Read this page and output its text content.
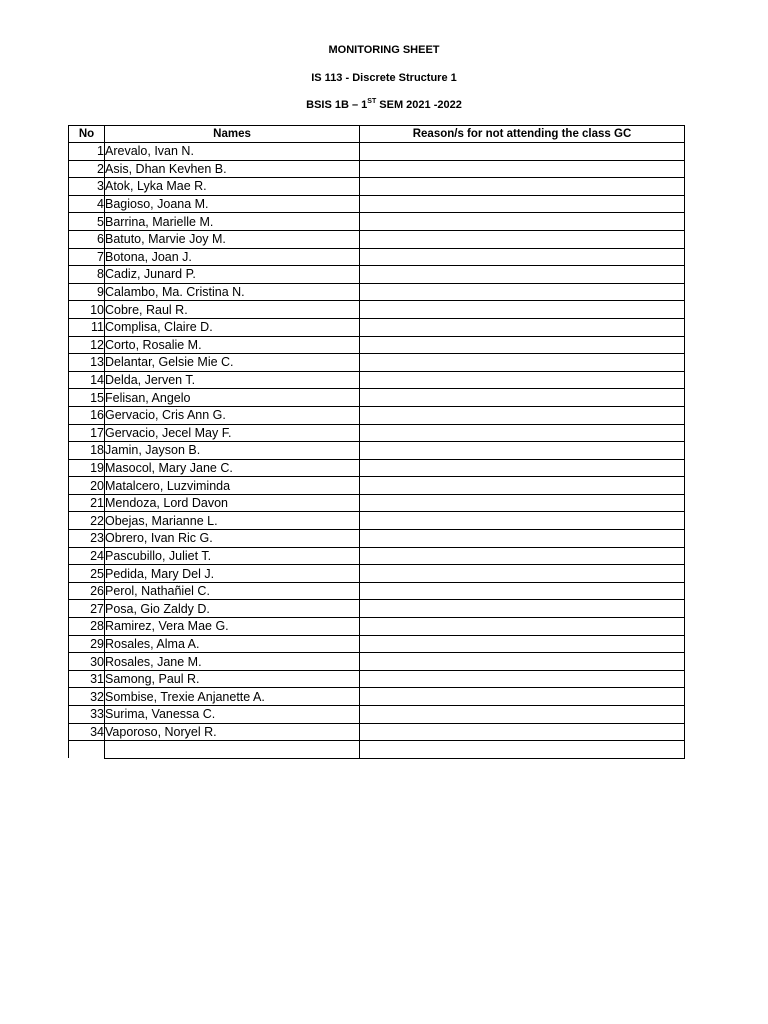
MONITORING SHEET
IS 113 - Discrete Structure 1
BSIS 1B – 1ST SEM 2021 -2022
No	Names	Reason/s for not attending the class GC
1	Arevalo, Ivan N.	
2	Asis, Dhan Kevhen B.	
3	Atok, Lyka Mae R.	
4	Bagioso, Joana M.	
5	Barrina, Marielle M.	
6	Batuto, Marvie Joy M.	
7	Botona, Joan J.	
8	Cadiz, Junard P.	
9	Calambo, Ma. Cristina N.	
10	Cobre, Raul R.	
11	Complisa, Claire D.	
12	Corto, Rosalie M.	
13	Delantar, Gelsie Mie C.	
14	Delda, Jerven T.	
15	Felisan, Angelo	
16	Gervacio, Cris Ann G.	
17	Gervacio, Jecel May F.	
18	Jamin, Jayson B.	
19	Masocol, Mary Jane C.	
20	Matalcero, Luzviminda	
21	Mendoza, Lord Davon	
22	Obejas, Marianne L.	
23	Obrero, Ivan Ric G.	
24	Pascubillo, Juliet T.	
25	Pedida, Mary Del J.	
26	Perol, Nathañiel C.	
27	Posa, Gio Zaldy D.	
28	Ramirez, Vera Mae G.	
29	Rosales, Alma A.	
30	Rosales, Jane M.	
31	Samong, Paul R.	
32	Sombise, Trexie Anjanette A.	
33	Surima, Vanessa C.	
34	Vaporoso, Noryel R.	
